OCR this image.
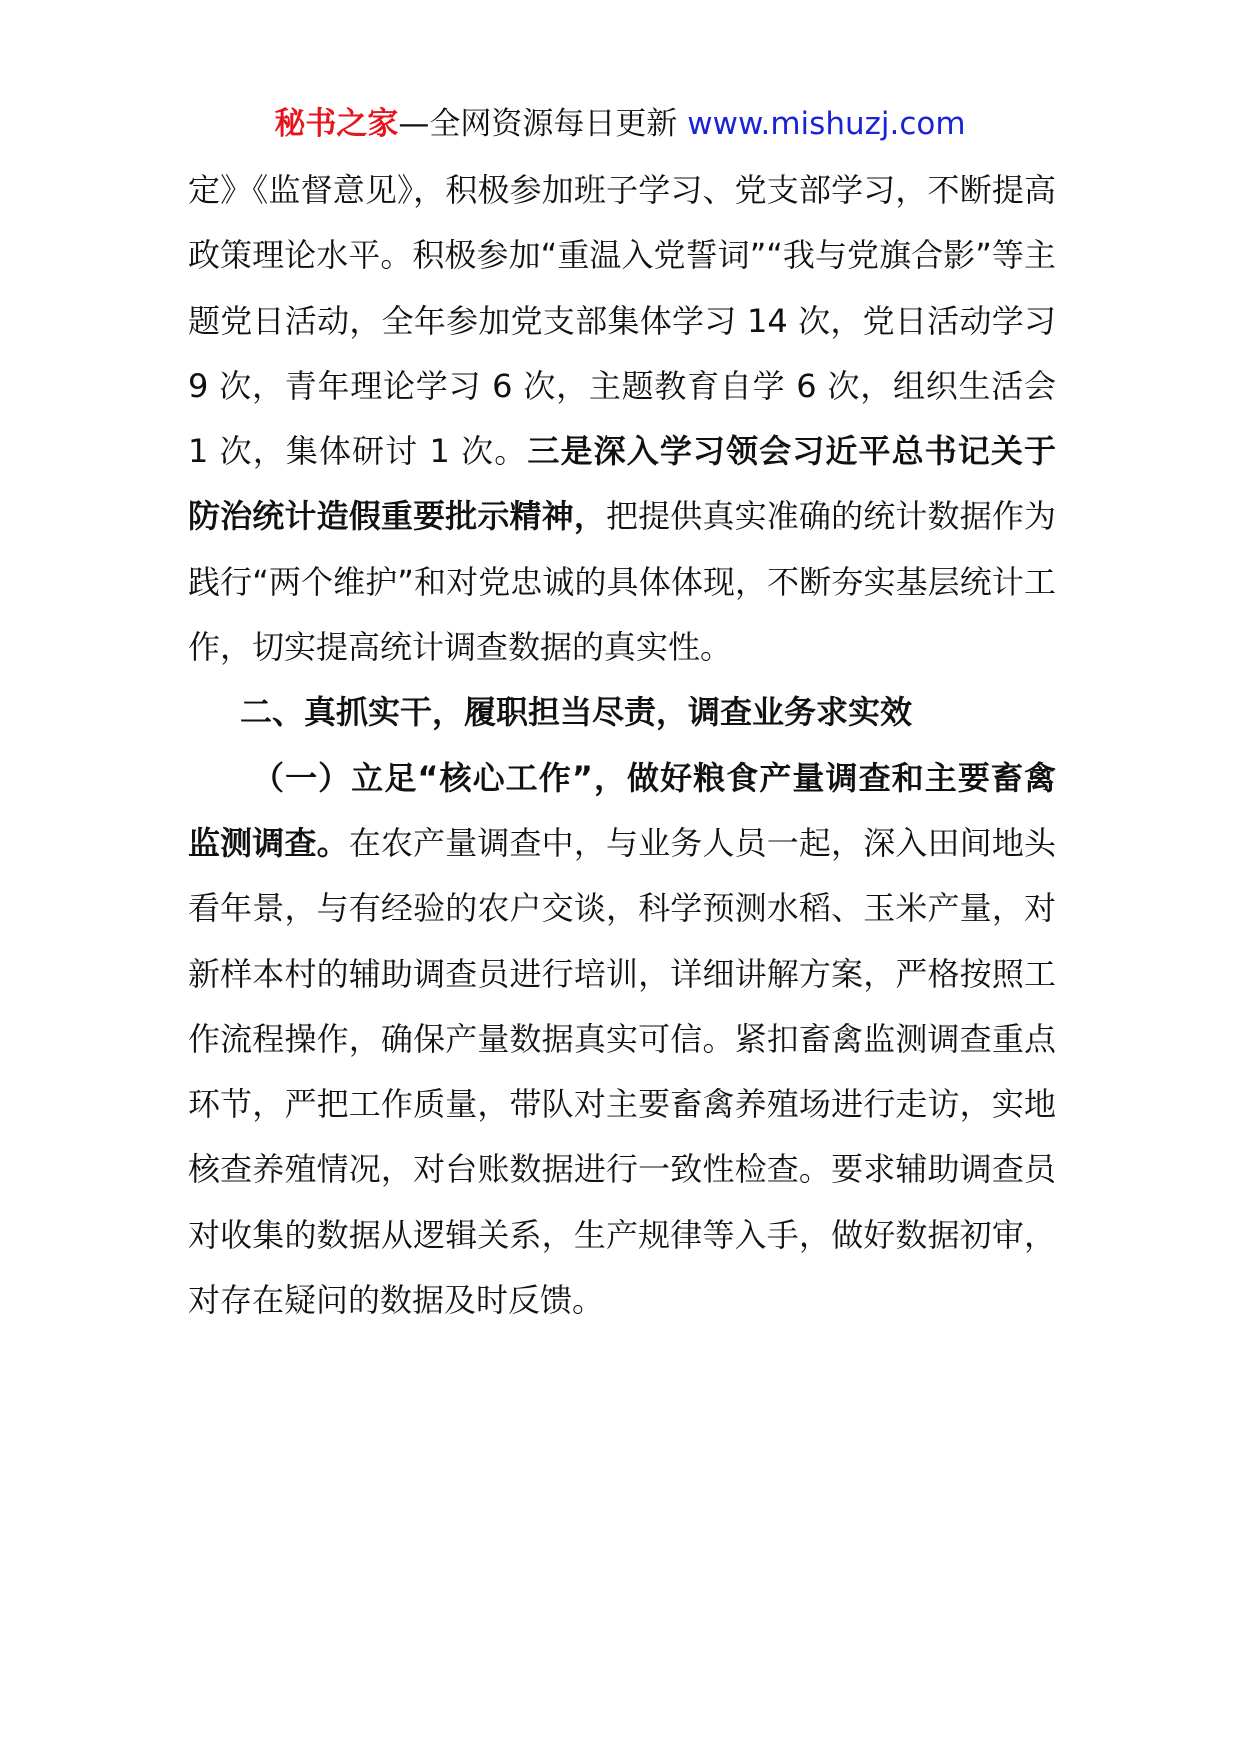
秘书之家—全网资源每日更新 www.mishuzj.com

定》《监督意见》，积极参加班子学习、党支部学习，不断提高政策理论水平。积极参加“重温入党誓词”“我与党旗合影”等主题党日活动，全年参加党支部集体学习 14 次，党日活动学习 9 次，青年理论学习 6 次，主题教育自学 6 次，组织生活会 1 次，集体研讨 1 次。三是深入学习领会习近平总书记关于防治统计造假重要批示精神，把提供真实准确的统计数据作为践行“两个维护”和对党忠诚的具体体现，不断夯实基层统计工作，切实提高统计调查数据的真实性。

二、真抓实干，履职担当尽责，调查业务求实效

（一）立足“核心工作”，做好粮食产量调查和主要畜禽监测调查。在农产量调查中，与业务人员一起，深入田间地头看年景，与有经验的农户交谈，科学预测水稻、玉米产量，对新样本村的辅助调查员进行培训，详细讲解方案，严格按照工作流程操作，确保产量数据真实可信。紧扣畜禽监测调查重点环节，严把工作质量，带队对主要畜禽养殖场进行走访，实地核查养殖情况，对台账数据进行一致性检查。要求辅助调查员对收集的数据从逻辑关系，生产规律等入手，做好数据初审，对存在疑问的数据及时反馈。
